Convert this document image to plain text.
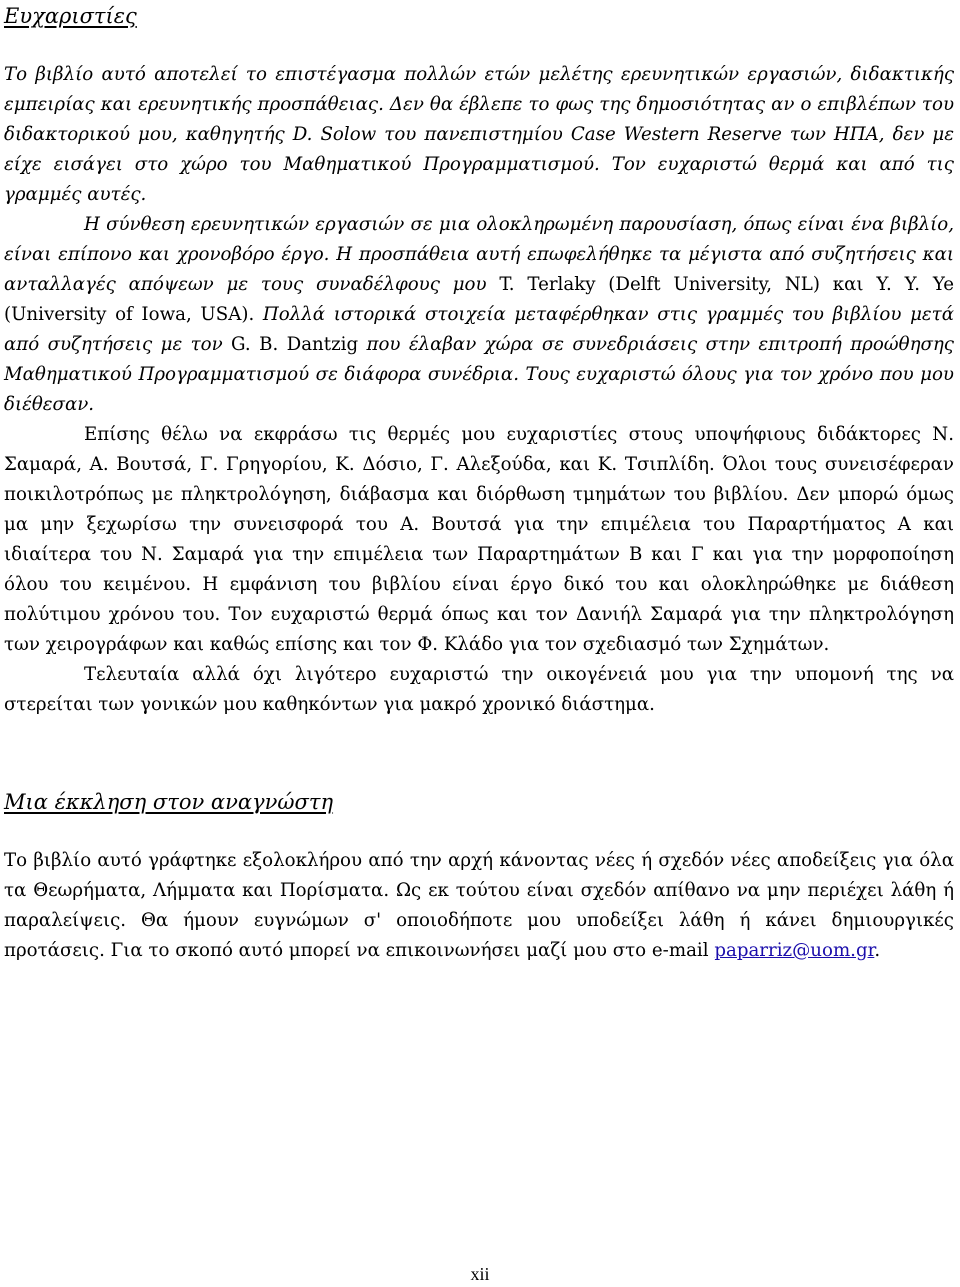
Ευχαριστίες

Το βιβλίο αυτό αποτελεί το επιστέγασμα πολλών ετών μελέτης ερευνητικών εργασιών, διδακτικής εμπειρίας και ερευνητικής προσπάθειας. Δεν θα έβλεπε το φως της δημοσιότητας αν ο επιβλέπων του διδακτορικού μου, καθηγητής D. Solow του πανεπιστημίου Case Western Reserve των ΗΠΑ, δεν με είχε εισάγει στο χώρο του Μαθηματικού Προγραμματισμού. Τον ευχαριστώ θερμά και από τις γραμμές αυτές.

Η σύνθεση ερευνητικών εργασιών σε μια ολοκληρωμένη παρουσίαση, όπως είναι ένα βιβλίο, είναι επίπονο και χρονοβόρο έργο. Η προσπάθεια αυτή επωφελήθηκε τα μέγιστα από συζητήσεις και ανταλλαγές απόψεων με τους συναδέλφους μου T. Terlaky (Delft University, NL) και Y. Y. Ye (University of Iowa, USA). Πολλά ιστορικά στοιχεία μεταφέρθηκαν στις γραμμές του βιβλίου μετά από συζητήσεις με τον G. B. Dantzig που έλαβαν χώρα σε συνεδριάσεις στην επιτροπή προώθησης Μαθηματικού Προγραμματισμού σε διάφορα συνέδρια. Τους ευχαριστώ όλους για τον χρόνο που μου διέθεσαν.

Επίσης θέλω να εκφράσω τις θερμές μου ευχαριστίες στους υποψήφιους διδάκτορες Ν. Σαμαρά, Α. Βουτσά, Γ. Γρηγορίου, Κ. Δόσιο, Γ. Αλεξούδα, και Κ. Τσιπλίδη. Όλοι τους συνεισέφεραν ποικιλοτρόπως με πληκτρολόγηση, διάβασμα και διόρθωση τμημάτων του βιβλίου. Δεν μπορώ όμως μα μην ξεχωρίσω την συνεισφορά του Α. Βουτσά για την επιμέλεια του Παραρτήματος Α και ιδιαίτερα του Ν. Σαμαρά για την επιμέλεια των Παραρτημάτων Β και Γ και για την μορφοποίηση όλου του κειμένου. Η εμφάνιση του βιβλίου είναι έργο δικό του και ολοκληρώθηκε με διάθεση πολύτιμου χρόνου του. Τον ευχαριστώ θερμά όπως και τον Δανιήλ Σαμαρά για την πληκτρολόγηση των χειρογράφων και καθώς επίσης και τον Φ. Κλάδο για τον σχεδιασμό των Σχημάτων.

Τελευταία αλλά όχι λιγότερο ευχαριστώ την οικογένειά μου για την υπομονή της να στερείται των γονικών μου καθηκόντων για μακρό χρονικό διάστημα.

Μια έκκληση στον αναγνώστη

Το βιβλίο αυτό γράφτηκε εξολοκλήρου από την αρχή κάνοντας νέες ή σχεδόν νέες αποδείξεις για όλα τα Θεωρήματα, Λήμματα και Πορίσματα. Ως εκ τούτου είναι σχεδόν απίθανο να μην περιέχει λάθη ή παραλείψεις. Θα ήμουν ευγνώμων σ' οποιοδήποτε μου υποδείξει λάθη ή κάνει δημιουργικές προτάσεις. Για το σκοπό αυτό μπορεί να επικοινωνήσει μαζί μου στο e-mail paparriz@uom.gr.

xii
